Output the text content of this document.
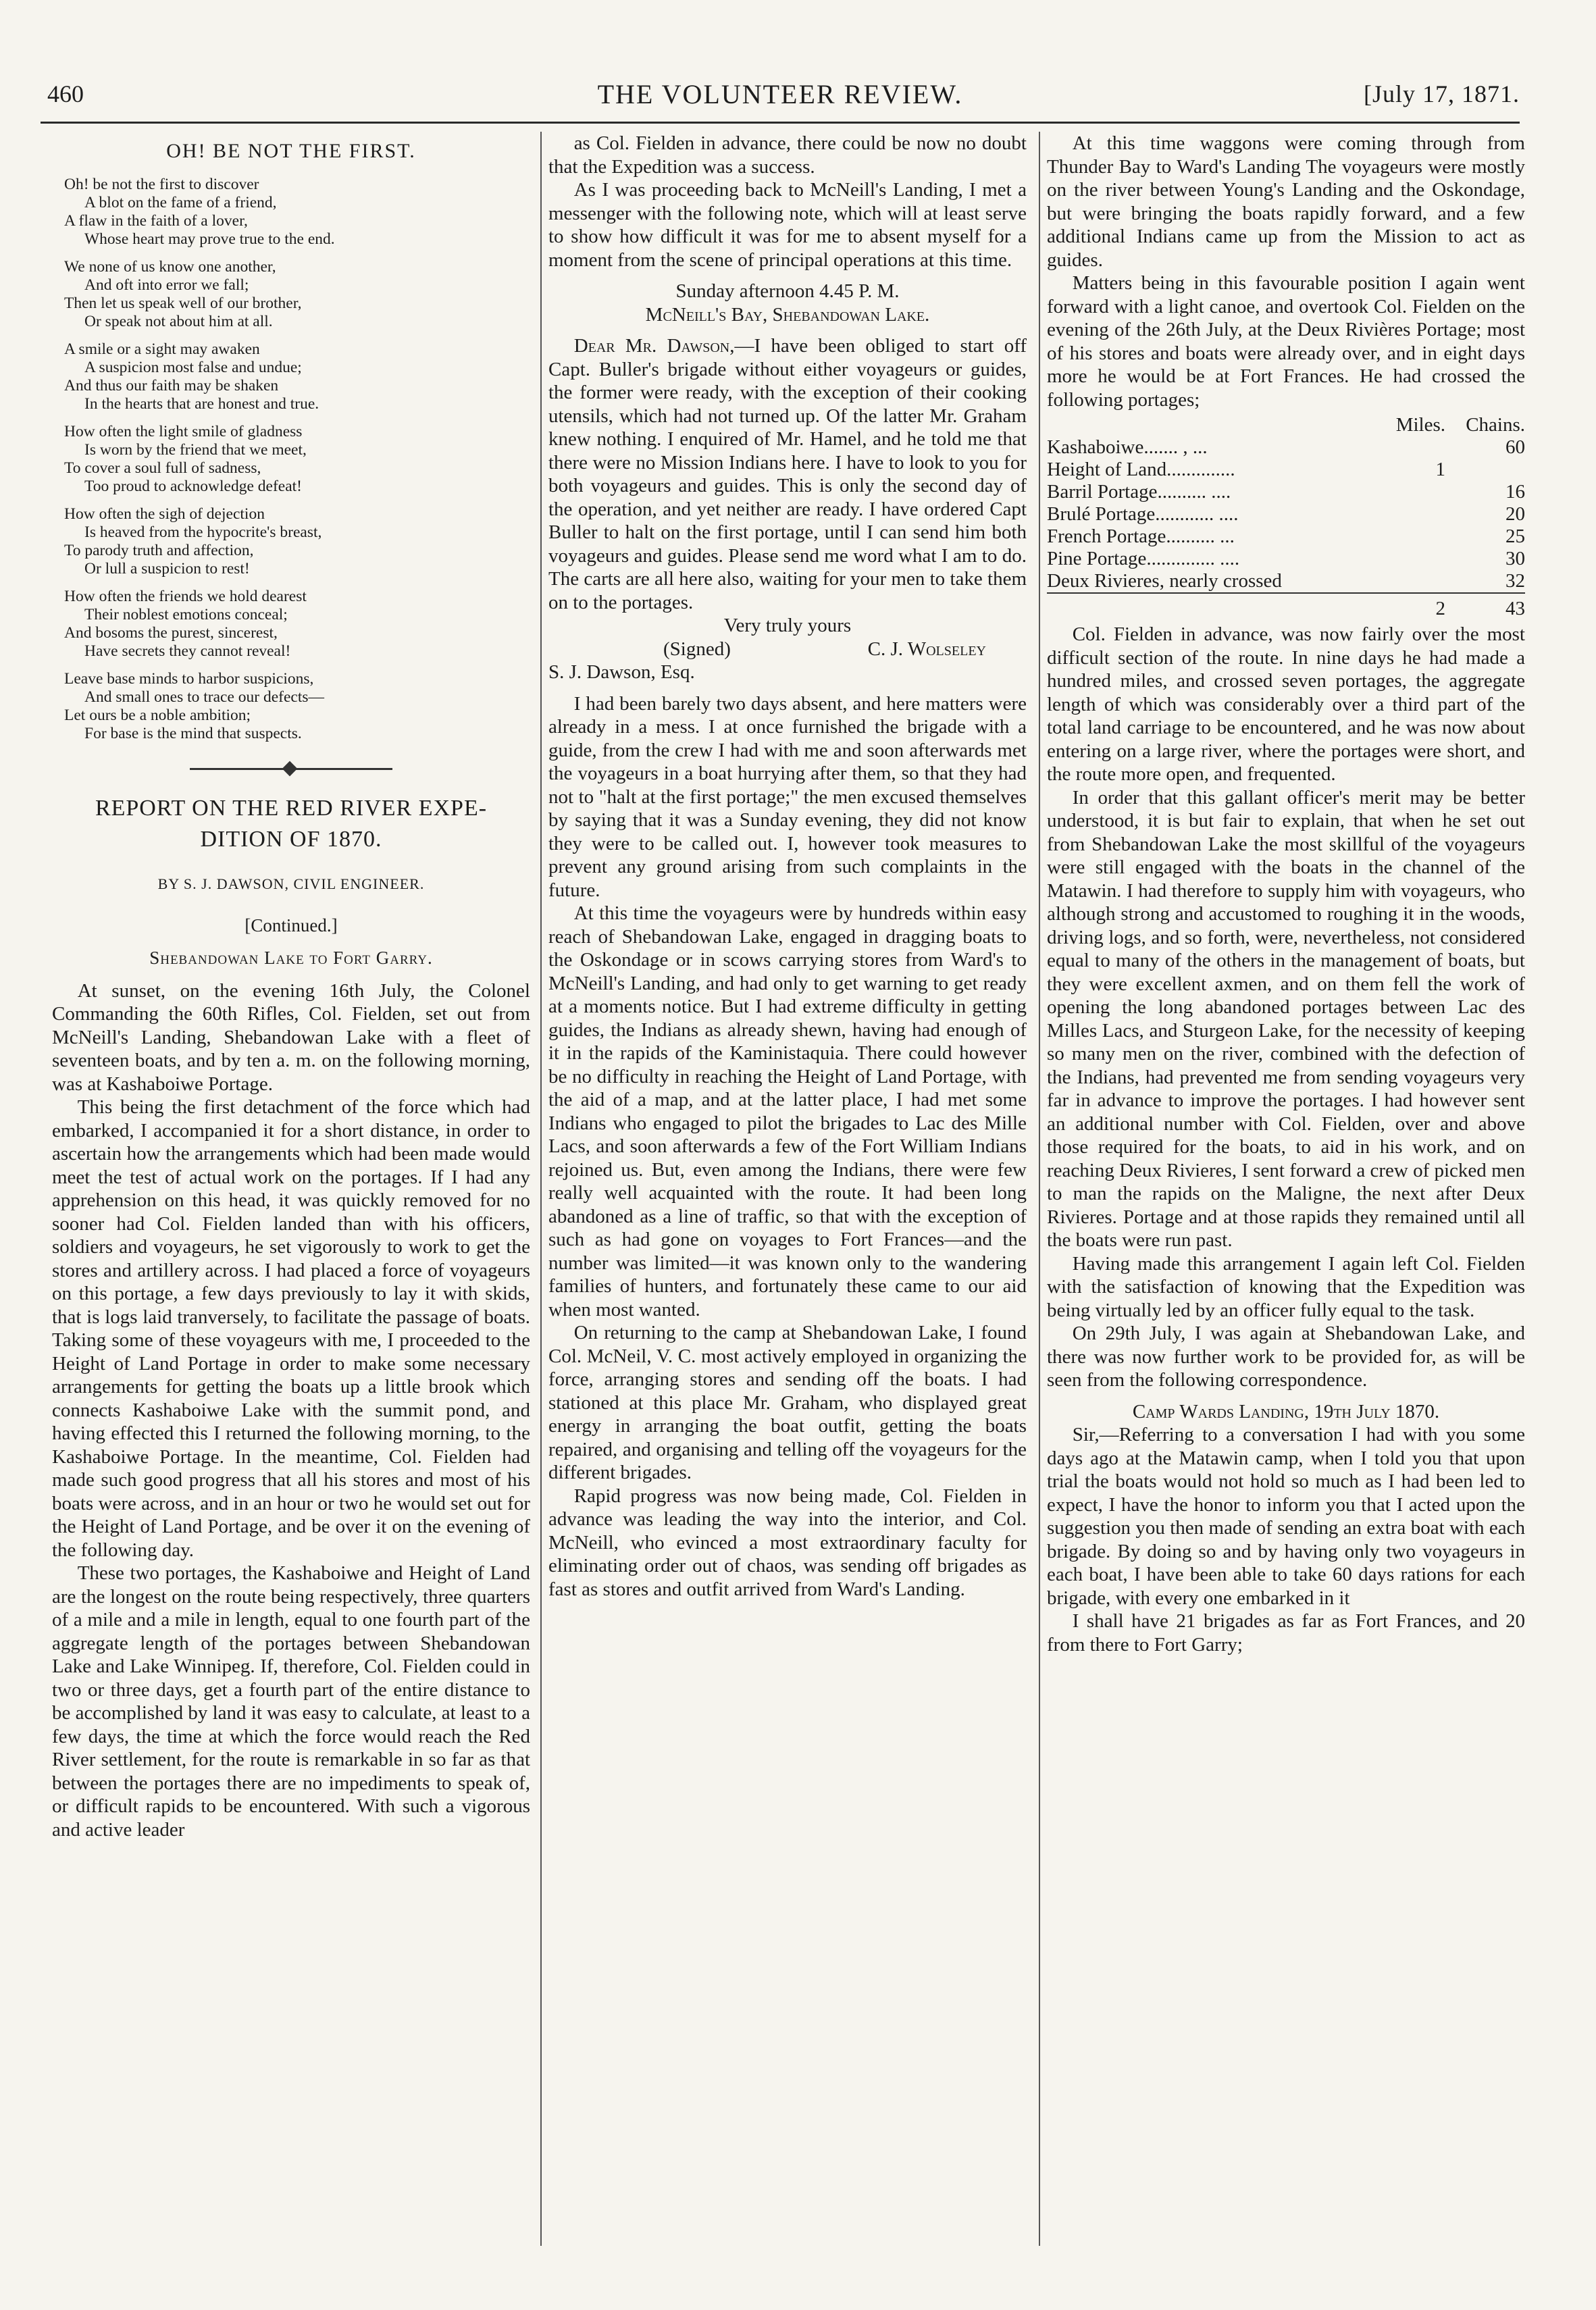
460	THE VOLUNTEER REVIEW.	[July 17, 1871.
OH! BE NOT THE FIRST.
Oh! be not the first to discover
A blot on the fame of a friend,
A flaw in the faith of a lover,
Whose heart may prove true to the end.
We none of us know one another,
And oft into error we fall;
Then let us speak well of our brother,
Or speak not about him at all.
A smile or a sight may awaken
A suspicion most false and undue;
And thus our faith may be shaken
In the hearts that are honest and true.
How often the light smile of gladness
Is worn by the friend that we meet,
To cover a soul full of sadness,
Too proud to acknowledge defeat!
How often the sigh of dejection
Is heaved from the hypocrite's breast,
To parody truth and affection,
Or lull a suspicion to rest!
How often the friends we hold dearest
Their noblest emotions conceal;
And bosoms the purest, sincerest,
Have secrets they cannot reveal!
Leave base minds to harbor suspicions,
And small ones to trace our defects—
Let ours be a noble ambition;
For base is the mind that suspects.
REPORT ON THE RED RIVER EXPE-
DITION OF 1870.
BY S. J. DAWSON, CIVIL ENGINEER.
[Continued.]
Shebandowan Lake to Fort Garry.

At sunset, on the evening 16th July, the Colonel Commanding the 60th Rifles, Col. Fielden, set out from McNeill's Landing, Shebandowan Lake with a fleet of seventeen boats, and by ten a. m. on the following morning, was at Kashaboiwe Portage.

This being the first detachment of the force which had embarked, I accompanied it for a short distance, in order to ascertain how the arrangements which had been made would meet the test of actual work on the portages. If I had any apprehension on this head, it was quickly removed for no sooner had Col. Fielden landed than with his officers, soldiers and voyageurs, he set vigorously to work to get the stores and artillery across. I had placed a force of voyageurs on this portage, a few days previously to lay it with skids, that is logs laid tranversely, to facilitate the passage of boats. Taking some of these voyageurs with me, I proceeded to the Height of Land Portage in order to make some necessary arrangements for getting the boats up a little brook which connects Kashaboiwe Lake with the summit pond, and having effected this I returned the following morning, to the Kashaboiwe Portage. In the meantime, Col. Fielden had made such good progress that all his stores and most of his boats were across, and in an hour or two he would set out for the Height of Land Portage, and be over it on the evening of the following day.

These two portages, the Kashaboiwe and Height of Land are the longest on the route being respectively, three quarters of a mile and a mile in length, equal to one fourth part of the aggregate length of the portages between Shebandowan Lake and Lake Winnipeg. If, therefore, Col. Fielden could in two or three days, get a fourth part of the entire distance to be accomplished by land it was easy to calculate, at least to a few days, the time at which the force would reach the Red River settlement, for the route is remarkable in so far as that between the portages there are no impediments to speak of, or difficult rapids to be encountered. With such a vigorous and active leader

as Col. Fielden in advance, there could be now no doubt that the Expedition was a success.

As I was proceeding back to McNeill's Landing, I met a messenger with the following note, which will at least serve to show how difficult it was for me to absent myself for a moment from the scene of principal operations at this time.

Sunday afternoon 4.45 P. M.
McNeill's Bay, Shebandowan Lake.

Dear Mr. Dawson,—I have been obliged to start off Capt. Buller's brigade without either voyageurs or guides, the former were ready, with the exception of their cooking utensils, which had not turned up. Of the latter Mr. Graham knew nothing. I enquired of Mr. Hamel, and he told me that there were no Mission Indians here. I have to look to you for both voyageurs and guides. This is only the second day of the operation, and yet neither are ready. I have ordered Capt Buller to halt on the first portage, until I can send him both voyageurs and guides. Please send me word what I am to do. The carts are all here also, waiting for your men to take them on to the portages.

Very truly yours
(Signed)	C. J. Wolseley
S. J. Dawson, Esq.

I had been barely two days absent, and here matters were already in a mess. I at once furnished the brigade with a guide, from the crew I had with me and soon afterwards met the voyageurs in a boat hurrying after them, so that they had not to "halt at the first portage;" the men excused themselves by saying that it was a Sunday evening, they did not know they were to be called out. I, however took measures to prevent any ground arising from such complaints in the future.

At this time the voyageurs were by hundreds within easy reach of Shebandowan Lake, engaged in dragging boats to the Oskondage or in scows carrying stores from Ward's to McNeill's Landing, and had only to get warning to get ready at a moments notice. But I had extreme difficulty in getting guides, the Indians as already shewn, having had enough of it in the rapids of the Kaministaquia. There could however be no difficulty in reaching the Height of Land Portage, with the aid of a map, and at the latter place, I had met some Indians who engaged to pilot the brigades to Lac des Mille Lacs, and soon afterwards a few of the Fort William Indians rejoined us. But, even among the Indians, there were few really well acquainted with the route. It had been long abandoned as a line of traffic, so that with the exception of such as had gone on voyages to Fort Frances—and the number was limited—it was known only to the wandering families of hunters, and fortunately these came to our aid when most wanted.

On returning to the camp at Shebandowan Lake, I found Col. McNeil, V. C. most actively employed in organizing the force, arranging stores and sending off the boats. I had stationed at this place Mr. Graham, who displayed great energy in arranging the boat outfit, getting the boats repaired, and organising and telling off the voyageurs for the different brigades.

Rapid progress was now being made, Col. Fielden in advance was leading the way into the interior, and Col. McNeill, who evinced a most extraordinary faculty for eliminating order out of chaos, was sending off brigades as fast as stores and outfit arrived from Ward's Landing.

At this time waggons were coming through from Thunder Bay to Ward's Landing The voyageurs were mostly on the river between Young's Landing and the Oskondage, but were bringing the boats rapidly forward, and a few additional Indians came up from the Mission to act as guides.

Matters being in this favourable position I again went forward with a light canoe, and overtook Col. Fielden on the evening of the 26th July, at the Deux Rivières Portage; most of his stores and boats were already over, and in eight days more he would be at Fort Frances. He had crossed the following portages;

	Miles.	Chains.
Kashaboiwe....... , ...		60
Height of Land..............	1	
Barril Portage.......... ....		16
Brulé Portage............ ....		20
French Portage.......... ...		25
Pine Portage.............. ....		30
Deux Rivieres, nearly crossed		32
	2	43

Col. Fielden in advance, was now fairly over the most difficult section of the route. In nine days he had made a hundred miles, and crossed seven portages, the aggregate length of which was considerably over a third part of the total land carriage to be encountered, and he was now about entering on a large river, where the portages were short, and the route more open, and frequented.

In order that this gallant officer's merit may be better understood, it is but fair to explain, that when he set out from Shebandowan Lake the most skillful of the voyageurs were still engaged with the boats in the channel of the Matawin. I had therefore to supply him with voyageurs, who although strong and accustomed to roughing it in the woods, driving logs, and so forth, were, nevertheless, not considered equal to many of the others in the management of boats, but they were excellent axmen, and on them fell the work of opening the long abandoned portages between Lac des Milles Lacs, and Sturgeon Lake, for the necessity of keeping so many men on the river, combined with the defection of the Indians, had prevented me from sending voyageurs very far in advance to improve the portages. I had however sent an additional number with Col. Fielden, over and above those required for the boats, to aid in his work, and on reaching Deux Rivieres, I sent forward a crew of picked men to man the rapids on the Maligne, the next after Deux Rivieres. Portage and at those rapids they remained until all the boats were run past.

Having made this arrangement I again left Col. Fielden with the satisfaction of knowing that the Expedition was being virtually led by an officer fully equal to the task.

On 29th July, I was again at Shebandowan Lake, and there was now further work to be provided for, as will be seen from the following correspondence.

Camp Wards Landing, 19th July 1870.

Sir,—Referring to a conversation I had with you some days ago at the Matawin camp, when I told you that upon trial the boats would not hold so much as I had been led to expect, I have the honor to inform you that I acted upon the suggestion you then made of sending an extra boat with each brigade. By doing so and by having only two voyageurs in each boat, I have been able to take 60 days rations for each brigade, with every one embarked in it

I shall have 21 brigades as far as Fort Frances, and 20 from there to Fort Garry;
